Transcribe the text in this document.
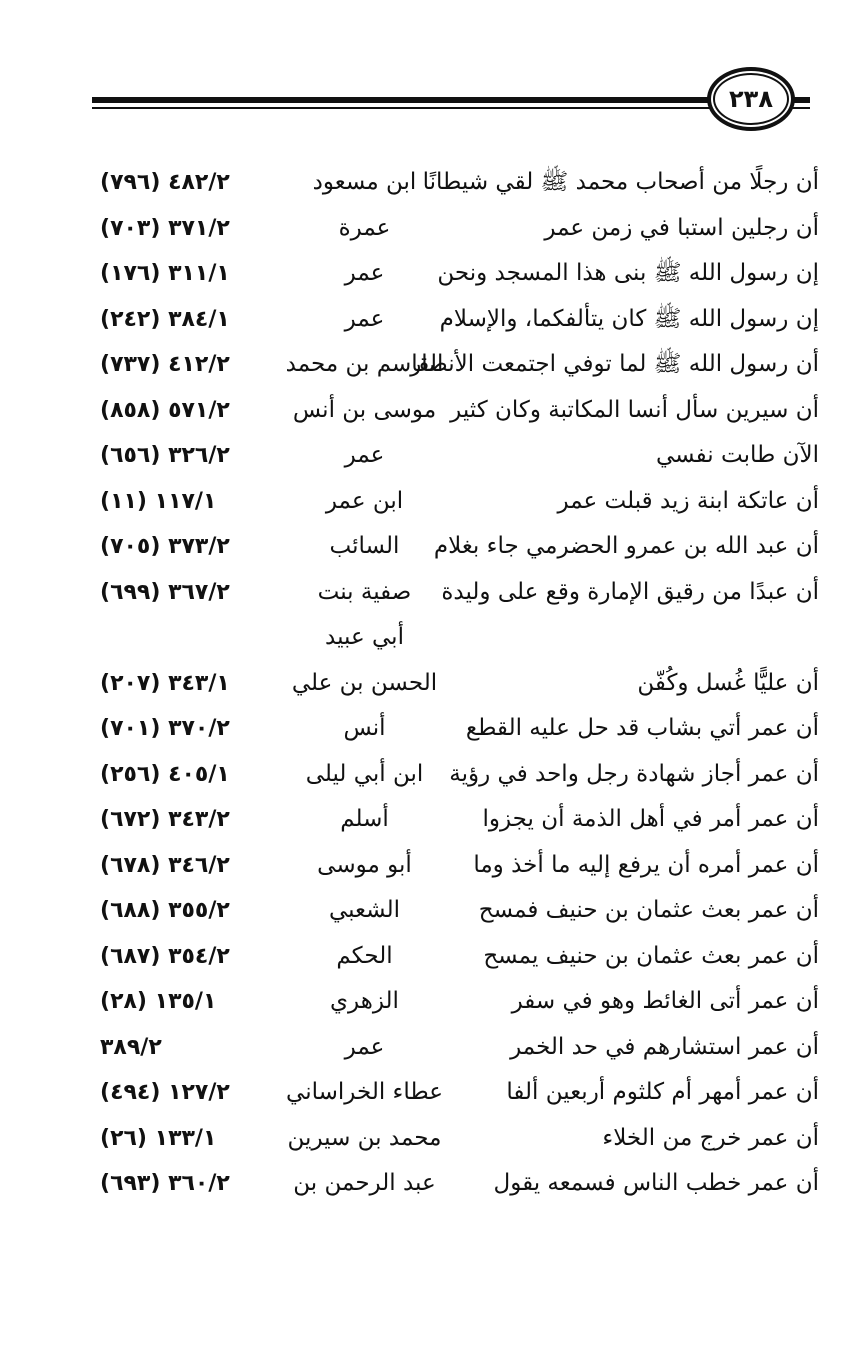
٢٣٨
أن رجلًا من أصحاب محمد ﷺ لقي شيطانًا
ابن مسعود
٤٨٢/٢ (٧٩٦)
أن رجلين استبا في زمن عمر
عمرة
٣٧١/٢ (٧٠٣)
إن رسول الله ﷺ بنى هذا المسجد ونحن
عمر
٣١١/١ (١٧٦)
إن رسول الله ﷺ كان يتألفكما، والإسلام
عمر
٣٨٤/١ (٢٤٢)
أن رسول الله ﷺ لما توفي اجتمعت الأنصار
القاسم بن محمد
٤١٢/٢ (٧٣٧)
أن سيرين سأل أنسا المكاتبة وكان كثير
موسى بن أنس
٥٧١/٢ (٨٥٨)
الآن طابت نفسي
عمر
٣٢٦/٢ (٦٥٦)
أن عاتكة ابنة زيد قبلت عمر
ابن عمر
١١٧/١ (١١)
أن عبد الله بن عمرو الحضرمي جاء بغلام
السائب
٣٧٣/٢ (٧٠٥)
أن عبدًا من رقيق الإمارة وقع على وليدة
صفية بنت
أبي عبيد
٣٦٧/٢ (٦٩٩)
أن عليًّا غُسل وكُفّن
الحسن بن علي
٣٤٣/١ (٢٠٧)
أن عمر أتي بشاب قد حل عليه القطع
أنس
٣٧٠/٢ (٧٠١)
أن عمر أجاز شهادة رجل واحد في رؤية
ابن أبي ليلى
٤٠٥/١ (٢٥٦)
أن عمر أمر في أهل الذمة أن يجزوا
أسلم
٣٤٣/٢ (٦٧٢)
أن عمر أمره أن يرفع إليه ما أخذ وما
أبو موسى
٣٤٦/٢ (٦٧٨)
أن عمر بعث عثمان بن حنيف فمسح
الشعبي
٣٥٥/٢ (٦٨٨)
أن عمر بعث عثمان بن حنيف يمسح
الحكم
٣٥٤/٢ (٦٨٧)
أن عمر أتى الغائط وهو في سفر
الزهري
١٣٥/١ (٢٨)
أن عمر استشارهم في حد الخمر
عمر
٣٨٩/٢
أن عمر أمهر أم كلثوم أربعين ألفا
عطاء الخراساني
١٢٧/٢ (٤٩٤)
أن عمر خرج من الخلاء
محمد بن سيرين
١٣٣/١ (٢٦)
أن عمر خطب الناس فسمعه يقول
عبد الرحمن بن
٣٦٠/٢ (٦٩٣)
